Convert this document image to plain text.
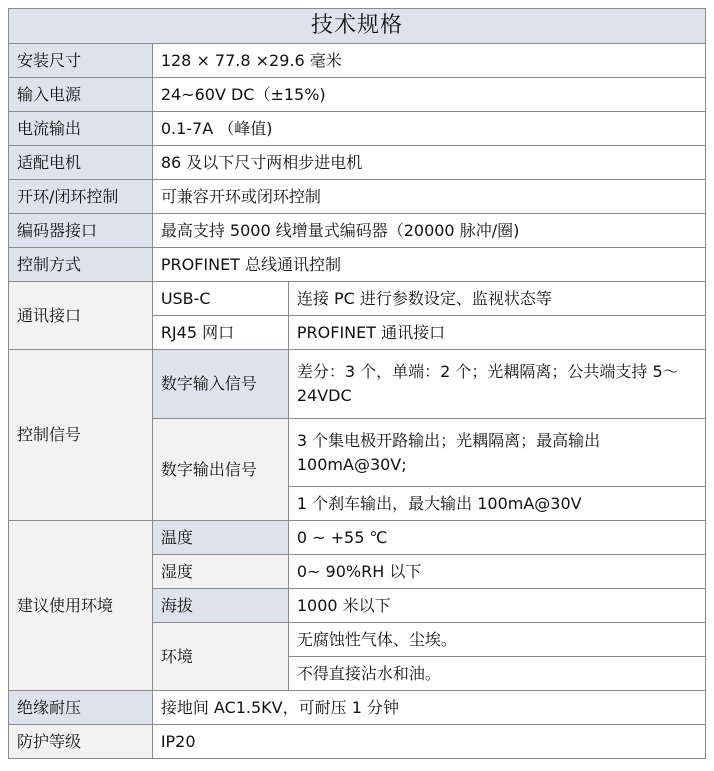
技术规格		
安装尺寸	128 × 77.8 ×29.6 毫米	
输入电源	24~60V DC（±15%)	
电流输出	0.1-7A （峰值)	
适配电机	86 及以下尺寸两相步进电机	
开环/闭环控制	可兼容开环或闭环控制	
编码器接口	最高支持 5000 线增量式编码器（20000 脉冲/圈)	
控制方式	PROFINET 总线通讯控制	
通讯接口	USB-C	连接 PC 进行参数设定、监视状态等
	RJ45 网口	PROFINET 通讯接口
控制信号	数字输入信号	差分：3 个，单端：2 个；光耦隔离；公共端支持 5～24VDC
	数字输出信号	3 个集电极开路输出；光耦隔离；最高输出 100mA@30V;
		1 个刹车输出，最大输出 100mA@30V
建议使用环境	温度	0 ~ +55 ℃
	湿度	0~ 90%RH 以下
	海拔	1000 米以下
	环境	无腐蚀性气体、尘埃。
		不得直接沾水和油。
绝缘耐压	接地间 AC1.5KV，可耐压 1 分钟	
防护等级	IP20	
